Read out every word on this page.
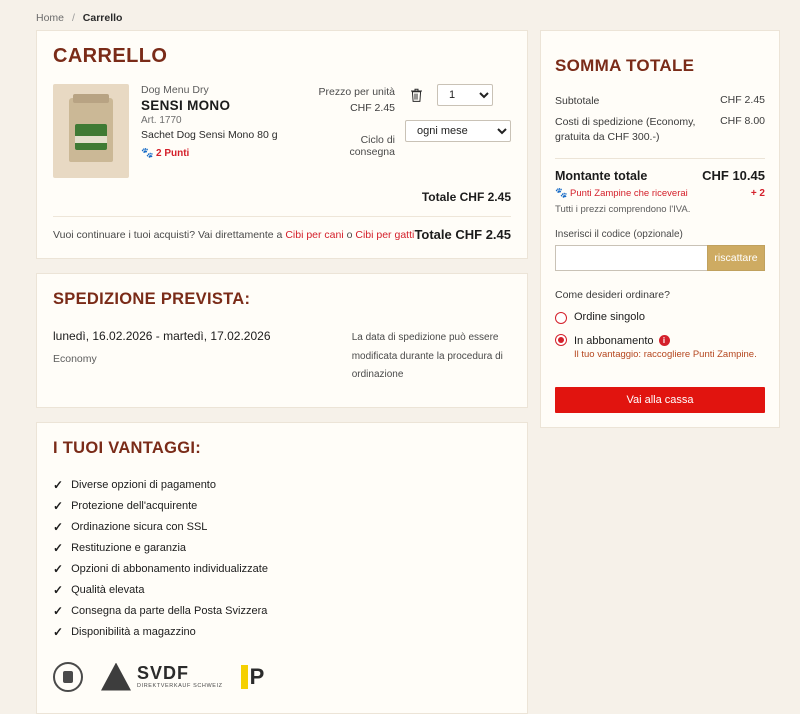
Home / Carrello
CARRELLO
Dog Menu Dry
SENSI MONO
Art. 1770
Sachet Dog Sensi Mono 80 g
🐾 2 Punti
Prezzo per unità
CHF 2.45
Ciclo di consegna
1
ogni mese
Totale CHF 2.45
Vuoi continuare i tuoi acquisti? Vai direttamente a Cibi per cani o Cibi per gatti Totale CHF 2.45
SPEDIZIONE PREVISTA:
lunedì, 16.02.2026 - martedì, 17.02.2026
Economy
La data di spedizione può essere modificata durante la procedura di ordinazione
I TUOI VANTAGGI:
✓ Diverse opzioni di pagamento
✓ Protezione dell'acquirente
✓ Ordinazione sicura con SSL
✓ Restituzione e garanzia
✓ Opzioni di abbonamento individualizzate
✓ Qualità elevata
✓ Consegna da parte della Posta Svizzera
✓ Disponibilità a magazzino
SVDF
DIREKTVERKAUF SCHWEIZ P
SOMMA TOTALE
Subtotale	CHF 2.45
Costi di spedizione (Economy, gratuita da CHF 300.-)
CHF 8.00
Montante totale	CHF 10.45
🐾 Punti Zampine che riceverai	+ 2
Tutti i prezzi comprendono l'IVA.
Inserisci il codice (opzionale)
riscattare
Come desideri ordinare?
Ordine singolo
In abbonamento	i
Il tuo vantaggio: raccogliere Punti Zampine.
Vai alla cassa
